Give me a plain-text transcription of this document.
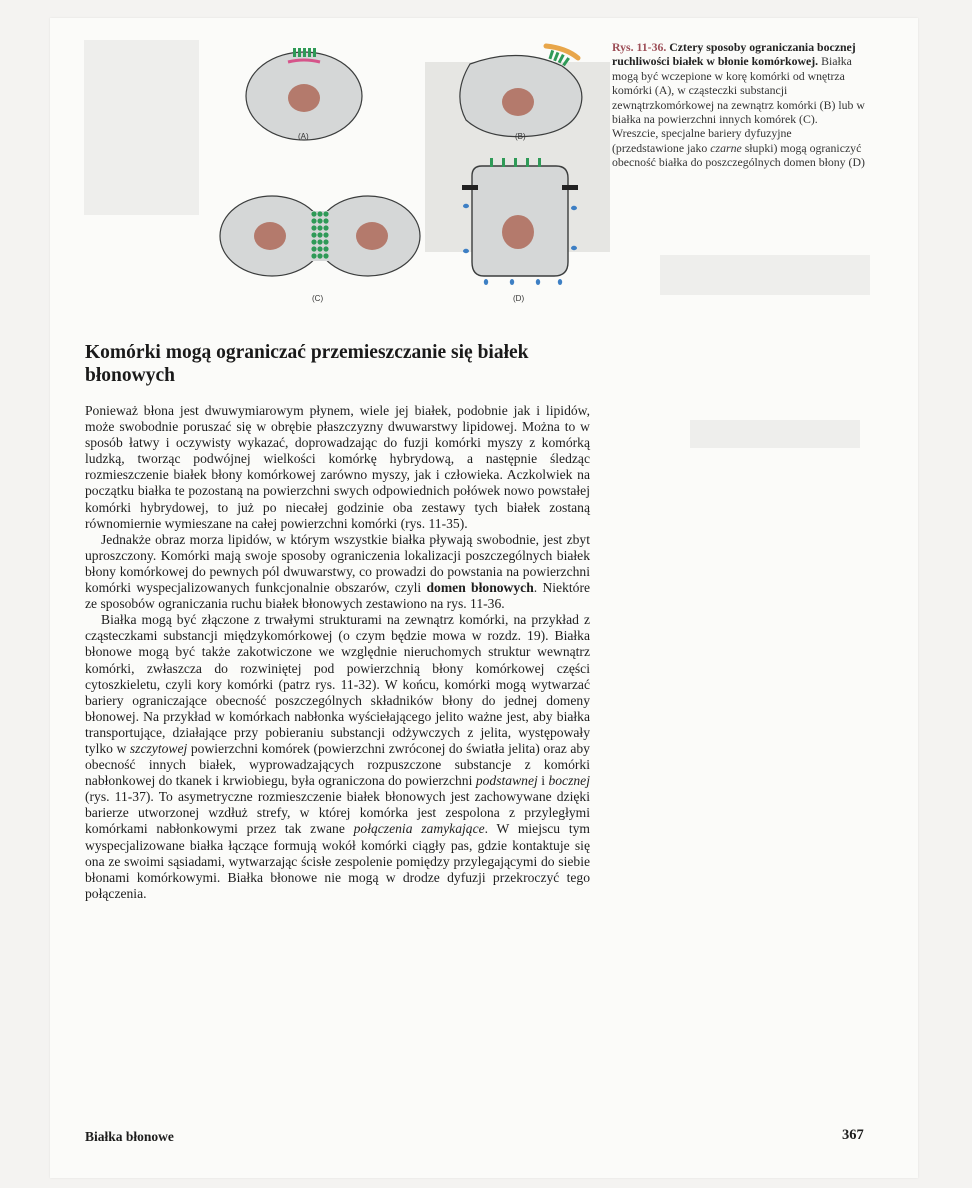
(A)	(B)
(C)	(D)
Rys. 11-36. Cztery sposoby ograniczania bocznej ruchliwości białek w błonie komórkowej. Białka mogą być wczepione w korę komórki od wnętrza komórki (A), w cząsteczki substancji zewnątrzkomórkowej na zewnątrz komórki (B) lub w białka na powierzchni innych komórek (C). Wreszcie, specjalne bariery dyfuzyjne (przedstawione jako czarne słupki) mogą ograniczyć obecność białka do poszczególnych domen błony (D)
Komórki mogą ograniczać przemieszczanie się białek błonowych

Ponieważ błona jest dwuwymiarowym płynem, wiele jej białek, podobnie jak i lipidów, może swobodnie poruszać się w obrębie płaszczyzny dwuwarstwy lipidowej. Można to w sposób łatwy i oczywisty wykazać, doprowadzając do fuzji komórki myszy z komórką ludzką, tworząc podwójnej wielkości komórkę hybrydową, a następnie śledząc rozmieszczenie białek błony komórkowej zarówno myszy, jak i człowieka. Aczkolwiek na początku białka te pozostaną na powierzchni swych odpowiednich połówek nowo powstałej komórki hybrydowej, to już po niecałej godzinie oba zestawy tych białek zostaną równomiernie wymieszane na całej powierzchni komórki (rys. 11-35).

Jednakże obraz morza lipidów, w którym wszystkie białka pływają swobodnie, jest zbyt uproszczony. Komórki mają swoje sposoby ograniczenia lokalizacji poszczególnych białek błony komórkowej do pewnych pól dwuwarstwy, co prowadzi do powstania na powierzchni komórki wyspecjalizowanych funkcjonalnie obszarów, czyli domen błonowych. Niektóre ze sposobów ograniczania ruchu białek błonowych zestawiono na rys. 11-36.

Białka mogą być złączone z trwałymi strukturami na zewnątrz komórki, na przykład z cząsteczkami substancji międzykomórkowej (o czym będzie mowa w rozdz. 19). Białka błonowe mogą być także zakotwiczone we względnie nieruchomych struktur wewnątrz komórki, zwłaszcza do rozwiniętej pod powierzchnią błony komórkowej części cytoszkieletu, czyli kory komórki (patrz rys. 11-32). W końcu, komórki mogą wytwarzać bariery ograniczające obecność poszczególnych składników błony do jednej domeny błonowej. Na przykład w komórkach nabłonka wyściełającego jelito ważne jest, aby białka transportujące, działające przy pobieraniu substancji odżywczych z jelita, występowały tylko w szczytowej powierzchni komórek (powierzchni zwróconej do światła jelita) oraz aby obecność innych białek, wyprowadzających rozpuszczone substancje z komórki nabłonkowej do tkanek i krwiobiegu, była ograniczona do powierzchni podstawnej i bocznej (rys. 11-37). To asymetryczne rozmieszczenie białek błonowych jest zachowywane dzięki barierze utworzonej wzdłuż strefy, w której komórka jest zespolona z przyległymi komórkami nabłonkowymi przez tak zwane połączenia zamykające. W miejscu tym wyspecjalizowane białka łączące formują wokół komórki ciągły pas, gdzie kontaktuje się ona ze swoimi sąsiadami, wytwarzając ścisłe zespolenie pomiędzy przylegającymi do siebie błonami komórkowymi. Białka błonowe nie mogą w drodze dyfuzji przekroczyć tego połączenia.

Białka błonowe	367
